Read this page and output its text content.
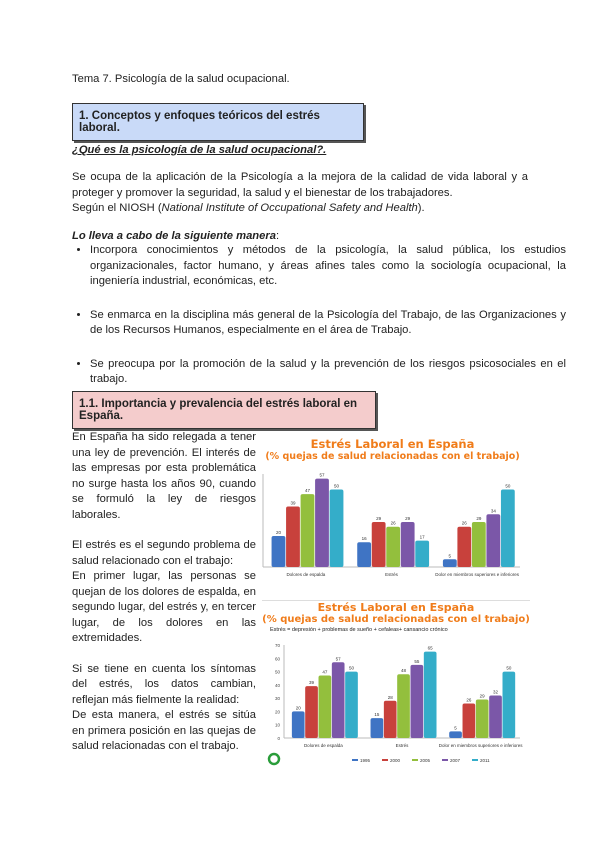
Tema 7. Psicología de la salud ocupacional.

1. Conceptos y enfoques teóricos del estrés laboral.

¿Qué es la psicología de la salud ocupacional?.

Se ocupa de la aplicación de la Psicología a la mejora de la calidad de vida laboral y a proteger y promover la seguridad, la salud y el bienestar de los trabajadores.

Según el NIOSH (National Institute of Occupational Safety and Health).

Lo lleva a cabo de la siguiente manera:

• Incorpora conocimientos y métodos de la psicología, la salud pública, los estudios organizacionales, factor humano, y áreas afines tales como la sociología ocupacional, la ingeniería industrial, económicas, etc.
• Se enmarca en la disciplina más general de la Psicología del Trabajo, de las Organizaciones y de los Recursos Humanos, especialmente en el área de Trabajo.
• Se preocupa por la promoción de la salud y la prevención de los riesgos psicosociales en el trabajo.
1.1. Importancia y prevalencia del estrés laboral en España.

En España ha sido relegada a tener una ley de prevención. El interés de las empresas por esta problemática no surge hasta los años 90, cuando se formuló la ley de riesgos laborales.

El estrés es el segundo problema de salud relacionado con el trabajo:

En primer lugar, las personas se quejan de los dolores de espalda, en segundo lugar, del estrés y, en tercer lugar, de los dolores en las extremidades.

Si se tiene en cuenta los síntomas del estrés, los datos cambian, reflejan más fielmente la realidad:

De esta manera, el estrés se sitúa en primera posición en las quejas de salud relacionadas con el trabajo.

Estrés Laboral en España
(% quejas de salud relacionadas con el trabajo)
20
39
47
57
50
Dolores de espalda
16
29
26
29
17
Estrés
5
26
29
34
50
Dolor en miembros superiores e inferiores
Estrés Laboral en España
(% quejas de salud relacionadas con el trabajo)
Estrés = depresión + problemas de sueño + cefaleas+ cansancio crónico
0
10
20
30
40
50
60
70
20
39
47
57
50
Dolores de espalda
15
28
48
55
65
Estrés
5
26
29
32
50
Dolor en miembros superiores e inferiores
1995	2000	2005	2007	2011
